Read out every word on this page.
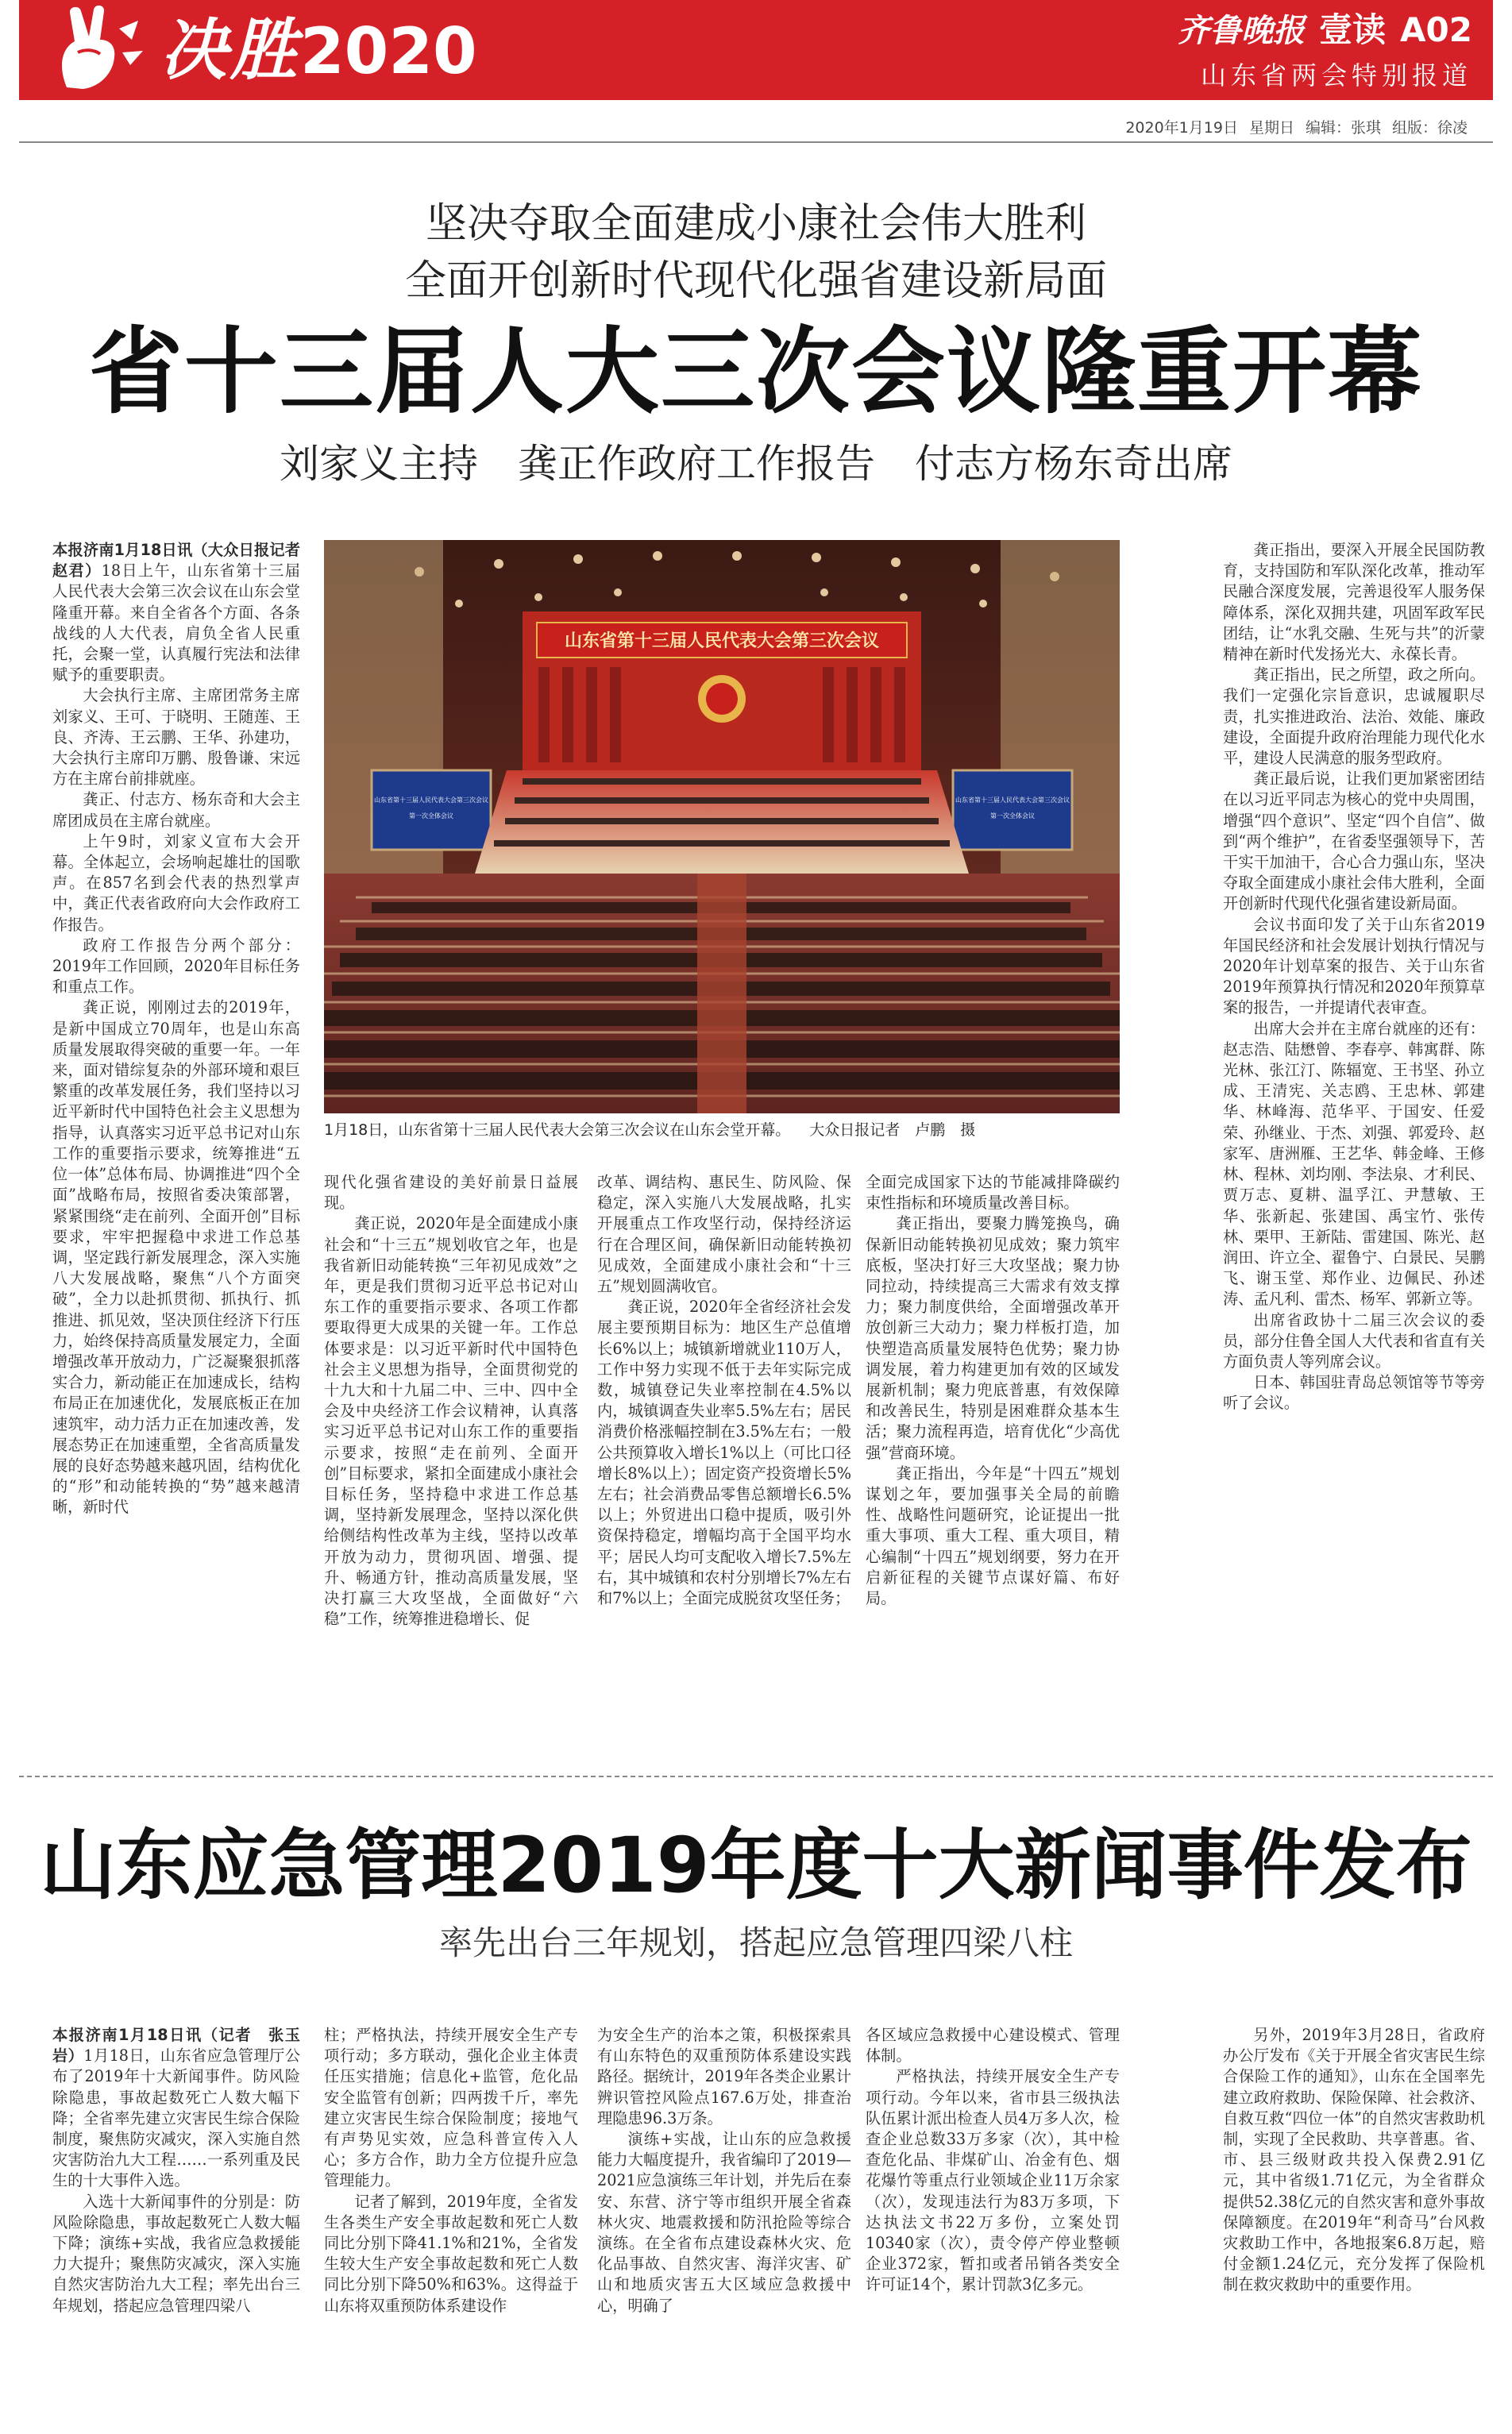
决胜2020	齐鲁晚报 壹读 A02
山东省两会特别报道
2020年1月19日 星期日 编辑：张琪 组版：徐凌
坚决夺取全面建成小康社会伟大胜利
全面开创新时代现代化强省建设新局面
省十三届人大三次会议隆重开幕
刘家义主持　龚正作政府工作报告　付志方杨东奇出席

本报济南1月18日讯（大众日报记者　赵君）18日上午，山东省第十三届人民代表大会第三次会议在山东会堂隆重开幕。来自全省各个方面、各条战线的人大代表，肩负全省人民重托，会聚一堂，认真履行宪法和法律赋予的重要职责。

大会执行主席、主席团常务主席刘家义、王可、于晓明、王随莲、王良、齐涛、王云鹏、王华、孙建功，大会执行主席印万鹏、殷鲁谦、宋远方在主席台前排就座。

龚正、付志方、杨东奇和大会主席团成员在主席台就座。

上午9时，刘家义宣布大会开幕。全体起立，会场响起雄壮的国歌声。在857名到会代表的热烈掌声中，龚正代表省政府向大会作政府工作报告。

政府工作报告分两个部分：2019年工作回顾，2020年目标任务和重点工作。

龚正说，刚刚过去的2019年，是新中国成立70周年，也是山东高质量发展取得突破的重要一年。一年来，面对错综复杂的外部环境和艰巨繁重的改革发展任务，我们坚持以习近平新时代中国特色社会主义思想为指导，认真落实习近平总书记对山东工作的重要指示要求，统筹推进“五位一体”总体布局、协调推进“四个全面”战略布局，按照省委决策部署，紧紧围绕“走在前列、全面开创”目标要求，牢牢把握稳中求进工作总基调，坚定践行新发展理念，深入实施八大发展战略，聚焦“八个方面突破”，全力以赴抓贯彻、抓执行、抓推进、抓见效，坚决顶住经济下行压力，始终保持高质量发展定力，全面增强改革开放动力，广泛凝聚狠抓落实合力，新动能正在加速成长，结构布局正在加速优化，发展底板正在加速筑牢，动力活力正在加速改善，发展态势正在加速重塑，全省高质量发展的良好态势越来越巩固，结构优化的“形”和动能转换的“势”越来越清晰，新时代

山东省第十三届人民代表大会第三次会议
山东省第十三届人民代表大会第三次会议
第一次全体会议
山东省第十三届人民代表大会第三次会议
第一次全体会议
1月18日，山东省第十三届人民代表大会第三次会议在山东会堂开幕。 大众日报记者　卢鹏　摄

现代化强省建设的美好前景日益展现。

龚正说，2020年是全面建成小康社会和“十三五”规划收官之年，也是我省新旧动能转换“三年初见成效”之年，更是我们贯彻习近平总书记对山东工作的重要指示要求、各项工作都要取得更大成果的关键一年。工作总体要求是：以习近平新时代中国特色社会主义思想为指导，全面贯彻党的十九大和十九届二中、三中、四中全会及中央经济工作会议精神，认真落实习近平总书记对山东工作的重要指示要求，按照“走在前列、全面开创”目标要求，紧扣全面建成小康社会目标任务，坚持稳中求进工作总基调，坚持新发展理念，坚持以深化供给侧结构性改革为主线，坚持以改革开放为动力，贯彻巩固、增强、提升、畅通方针，推动高质量发展，坚决打赢三大攻坚战，全面做好“六稳”工作，统筹推进稳增长、促

改革、调结构、惠民生、防风险、保稳定，深入实施八大发展战略，扎实开展重点工作攻坚行动，保持经济运行在合理区间，确保新旧动能转换初见成效，全面建成小康社会和“十三五”规划圆满收官。

龚正说，2020年全省经济社会发展主要预期目标为：地区生产总值增长6%以上；城镇新增就业110万人，工作中努力实现不低于去年实际完成数，城镇登记失业率控制在4.5%以内，城镇调查失业率5.5%左右；居民消费价格涨幅控制在3.5%左右；一般公共预算收入增长1%以上（可比口径增长8%以上）；固定资产投资增长5%左右；社会消费品零售总额增长6.5%以上；外贸进出口稳中提质，吸引外资保持稳定，增幅均高于全国平均水平；居民人均可支配收入增长7.5%左右，其中城镇和农村分别增长7%左右和7%以上；全面完成脱贫攻坚任务；

全面完成国家下达的节能减排降碳约束性指标和环境质量改善目标。

龚正指出，要聚力腾笼换鸟，确保新旧动能转换初见成效；聚力筑牢底板，坚决打好三大攻坚战；聚力协同拉动，持续提高三大需求有效支撑力；聚力制度供给，全面增强改革开放创新三大动力；聚力样板打造，加快塑造高质量发展特色优势；聚力协调发展，着力构建更加有效的区域发展新机制；聚力兜底普惠，有效保障和改善民生，特别是困难群众基本生活；聚力流程再造，培育优化“少高优强”营商环境。

龚正指出，今年是“十四五”规划谋划之年，要加强事关全局的前瞻性、战略性问题研究，论证提出一批重大事项、重大工程、重大项目，精心编制“十四五”规划纲要，努力在开启新征程的关键节点谋好篇、布好局。

龚正指出，要深入开展全民国防教育，支持国防和军队深化改革，推动军民融合深度发展，完善退役军人服务保障体系，深化双拥共建，巩固军政军民团结，让“水乳交融、生死与共”的沂蒙精神在新时代发扬光大、永葆长青。

龚正指出，民之所望，政之所向。我们一定强化宗旨意识，忠诚履职尽责，扎实推进政治、法治、效能、廉政建设，全面提升政府治理能力现代化水平，建设人民满意的服务型政府。

龚正最后说，让我们更加紧密团结在以习近平同志为核心的党中央周围，增强“四个意识”、坚定“四个自信”、做到“两个维护”，在省委坚强领导下，苦干实干加油干，合心合力强山东，坚决夺取全面建成小康社会伟大胜利，全面开创新时代现代化强省建设新局面。

会议书面印发了关于山东省2019年国民经济和社会发展计划执行情况与2020年计划草案的报告、关于山东省2019年预算执行情况和2020年预算草案的报告，一并提请代表审查。

出席大会并在主席台就座的还有：赵志浩、陆懋曾、李春亭、韩寓群、陈光林、张江汀、陈辐宽、王书坚、孙立成、王清宪、关志鸥、王忠林、郭建华、林峰海、范华平、于国安、任爱荣、孙继业、于杰、刘强、郭爱玲、赵家军、唐洲雁、王艺华、韩金峰、王修林、程林、刘均刚、李法泉、才利民、贾万志、夏耕、温孚江、尹慧敏、王华、张新起、张建国、禹宝竹、张传林、栗甲、王新陆、雷建国、陈光、赵润田、许立全、翟鲁宁、白景民、吴鹏飞、谢玉堂、郑作业、边佩民、孙述涛、孟凡利、雷杰、杨军、郭新立等。

出席省政协十二届三次会议的委员，部分住鲁全国人大代表和省直有关方面负责人等列席会议。

日本、韩国驻青岛总领馆等节等旁听了会议。

山东应急管理2019年度十大新闻事件发布
率先出台三年规划，搭起应急管理四梁八柱

本报济南1月18日讯（记者　张玉岩）1月18日，山东省应急管理厅公布了2019年十大新闻事件。防风险除隐患，事故起数死亡人数大幅下降；全省率先建立灾害民生综合保险制度，聚焦防灾减灾，深入实施自然灾害防治九大工程……一系列重及民生的十大事件入选。

入选十大新闻事件的分别是：防风险除隐患，事故起数死亡人数大幅下降；演练+实战，我省应急救援能力大提升；聚焦防灾减灾，深入实施自然灾害防治九大工程；率先出台三年规划，搭起应急管理四梁八

柱；严格执法，持续开展安全生产专项行动；多方联动，强化企业主体责任压实措施；信息化+监管，危化品安全监管有创新；四两拨千斤，率先建立灾害民生综合保险制度；接地气有声势见实效，应急科普宣传入人心；多方合作，助力全方位提升应急管理能力。

记者了解到，2019年度，全省发生各类生产安全事故起数和死亡人数同比分别下降41.1%和21%，全省发生较大生产安全事故起数和死亡人数同比分别下降50%和63%。这得益于山东将双重预防体系建设作

为安全生产的治本之策，积极探索具有山东特色的双重预防体系建设实践路径。据统计，2019年各类企业累计辨识管控风险点167.6万处，排查治理隐患96.3万条。

演练+实战，让山东的应急救援能力大幅度提升，我省编印了2019—2021应急演练三年计划，并先后在泰安、东营、济宁等市组织开展全省森林火灾、地震救援和防汛抢险等综合演练。在全省布点建设森林火灾、危化品事故、自然灾害、海洋灾害、矿山和地质灾害五大区域应急救援中心，明确了

各区域应急救援中心建设模式、管理体制。

严格执法，持续开展安全生产专项行动。今年以来，省市县三级执法队伍累计派出检查人员4万多人次，检查企业总数33万多家（次），其中检查危化品、非煤矿山、冶金有色、烟花爆竹等重点行业领域企业11万余家（次），发现违法行为83万多项，下达执法文书22万多份，立案处罚10340家（次），责令停产停业整顿企业372家，暂扣或者吊销各类安全许可证14个，累计罚款3亿多元。

另外，2019年3月28日，省政府办公厅发布《关于开展全省灾害民生综合保险工作的通知》，山东在全国率先建立政府救助、保险保障、社会救济、自救互救“四位一体”的自然灾害救助机制，实现了全民救助、共享普惠。省、市、县三级财政共投入保费2.91亿元，其中省级1.71亿元，为全省群众提供52.38亿元的自然灾害和意外事故保障额度。在2019年“利奇马”台风救灾救助工作中，各地报案6.8万起，赔付金额1.24亿元，充分发挥了保险机制在救灾救助中的重要作用。
